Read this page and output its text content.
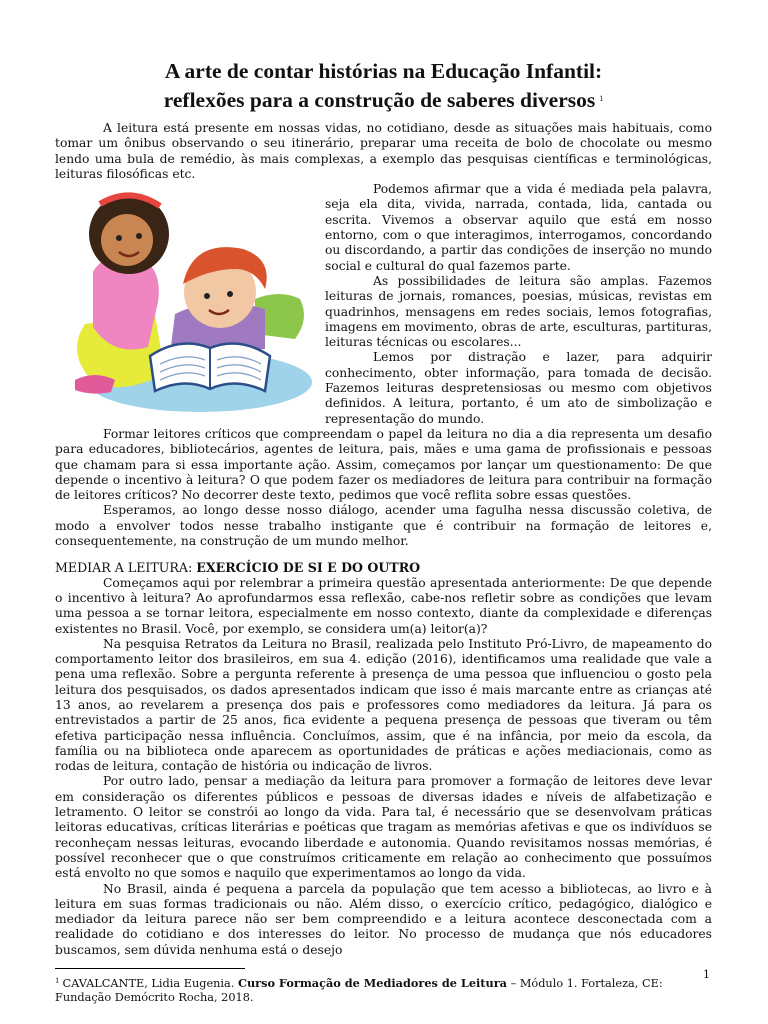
A arte de contar histórias na Educação Infantil:
reflexões para a construção de saberes diversos $^1$

A leitura está presente em nossas vidas, no cotidiano, desde as situações mais habituais, como tomar um ônibus observando o seu itinerário, preparar uma receita de bolo de chocolate ou mesmo lendo uma bula de remédio, às mais complexas, a exemplo das pesquisas científicas e terminológicas, leituras filosóficas etc.

Podemos afirmar que a vida é mediada pela palavra, seja ela dita, vivida, narrada, contada, lida, cantada ou escrita. Vivemos a observar aquilo que está em nosso entorno, com o que interagimos, interrogamos, concordando ou discordando, a partir das condições de inserção no mundo social e cultural do qual fazemos parte.

As possibilidades de leitura são amplas. Fazemos leituras de jornais, romances, poesias, músicas, revistas em quadrinhos, mensagens em redes sociais, lemos fotografias, imagens em movimento, obras de arte, esculturas, partituras, leituras técnicas ou escolares...

Lemos por distração e lazer, para adquirir conhecimento, obter informação, para tomada de decisão. Fazemos leituras despretensiosas ou mesmo com objetivos definidos. A leitura, portanto, é um ato de simbolização e representação do mundo.

Formar leitores críticos que compreendam o papel da leitura no dia a dia representa um desafio para educadores, bibliotecários, agentes de leitura, pais, mães e uma gama de profissionais e pessoas que chamam para si essa importante ação. Assim, começamos por lançar um questionamento: De que depende o incentivo à leitura? O que podem fazer os mediadores de leitura para contribuir na formação de leitores críticos? No decorrer deste texto, pedimos que você reflita sobre essas questões.

Esperamos, ao longo desse nosso diálogo, acender uma fagulha nessa discussão coletiva, de modo a envolver todos nesse trabalho instigante que é contribuir na formação de leitores e, consequentemente, na construção de um mundo melhor.

MEDIAR A LEITURA: EXERCÍCIO DE SI E DO OUTRO

Começamos aqui por relembrar a primeira questão apresentada anteriormente: De que depende o incentivo à leitura? Ao aprofundarmos essa reflexão, cabe-nos refletir sobre as condições que levam uma pessoa a se tornar leitora, especialmente em nosso contexto, diante da complexidade e diferenças existentes no Brasil. Você, por exemplo, se considera um(a) leitor(a)?

Na pesquisa Retratos da Leitura no Brasil, realizada pelo Instituto Pró-Livro, de mapeamento do comportamento leitor dos brasileiros, em sua 4. edição (2016), identificamos uma realidade que vale a pena uma reflexão. Sobre a pergunta referente à presença de uma pessoa que influenciou o gosto pela leitura dos pesquisados, os dados apresentados indicam que isso é mais marcante entre as crianças até 13 anos, ao revelarem a presença dos pais e professores como mediadores da leitura. Já para os entrevistados a partir de 25 anos, fica evidente a pequena presença de pessoas que tiveram ou têm efetiva participação nessa influência. Concluímos, assim, que é na infância, por meio da escola, da família ou na biblioteca onde aparecem as oportunidades de práticas e ações mediacionais, como as rodas de leitura, contação de história ou indicação de livros.

Por outro lado, pensar a mediação da leitura para promover a formação de leitores deve levar em consideração os diferentes públicos e pessoas de diversas idades e níveis de alfabetização e letramento. O leitor se constrói ao longo da vida. Para tal, é necessário que se desenvolvam práticas leitoras educativas, críticas literárias e poéticas que tragam as memórias afetivas e que os indivíduos se reconheçam nessas leituras, evocando liberdade e autonomia. Quando revisitamos nossas memórias, é possível reconhecer que o que construímos criticamente em relação ao conhecimento que possuímos está envolto no que somos e naquilo que experimentamos ao longo da vida.

No Brasil, ainda é pequena a parcela da população que tem acesso a bibliotecas, ao livro e à leitura em suas formas tradicionais ou não. Além disso, o exercício crítico, pedagógico, dialógico e mediador da leitura parece não ser bem compreendido e a leitura acontece desconectada com a realidade do cotidiano e dos interesses do leitor. No processo de mudança que nós educadores buscamos, sem dúvida nenhuma está o desejo

$^1$ CAVALCANTE, Lidia Eugenia. Curso Formação de Mediadores de Leitura – Módulo 1. Fortaleza, CE: Fundação Demócrito Rocha, 2018.

1
